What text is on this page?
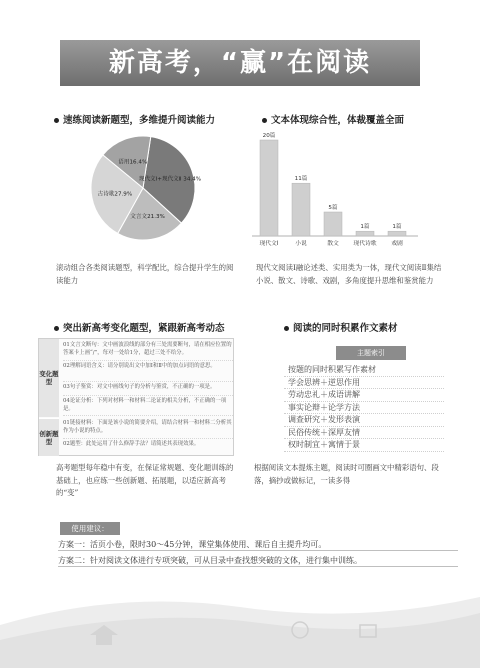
新高考，“赢”在阅读
速练阅读新题型，多维提升阅读能力
现代文Ⅰ+现代文Ⅱ 34.4%
文言文21.3%
古诗歌27.9%
语用16.4%
滚动组合各类阅读题型，科学配比，综合提升学生的阅读能力
文本体现综合性，体裁覆盖全面
20篇
现代文Ⅰ
11篇
小说
5篇
散文
1篇
现代诗歌
1篇
戏剧
现代文阅读Ⅰ融论述类、实用类为一体，现代文阅读Ⅱ集结小说、散文、诗歌、戏剧，多角度提升思维和鉴赏能力
突出新高考变化题型，紧跟新高考动态
变化题型
创新题型
01文言文断句：文中画波浪线的部分有三处需要断句，请在相应位置的答案卡上画“/”，每对一处给1分，超过三处不给分。
02理解词语含义：请分别说出文中加Ⅰ和Ⅱ中的加点词语的意思。
03句子鉴赏：对文中画线句子的分析与鉴赏，不正确的一项是。
04论证分析：下列对材料一和材料二论证的相关分析，不正确的一项是。
01链接材料：下面是该小说的简要介绍，请结合材料一和材料二分析其作为小说的特点。
02题型：此处运用了什么修辞手法？请简述其表现效果。
高考题型每年稳中有变，在保证常规题、变化题训练的基础上，也应练一些创新题、拓展题，以适应新高考的“变”
阅读的同时积累作文素材
主题索引
按题的同时积累写作素材
学会思辨＋逆思作用
劳动忠礼＋成语讲解
事实论辩＋论学方法
调查研究＋发形表演
民俗传统＋深厚友情
权时制宜＋寓情于景
根据阅读文本提炼主题，阅读时可圈画文中精彩语句、段落，摘抄或做标记，一读多得
使用建议：
方案一：活页小卷，限时30～45分钟，课堂集体使用、课后自主提升均可。
方案二：针对阅读文体进行专项突破，可从目录中查找想突破的文体，进行集中训练。
